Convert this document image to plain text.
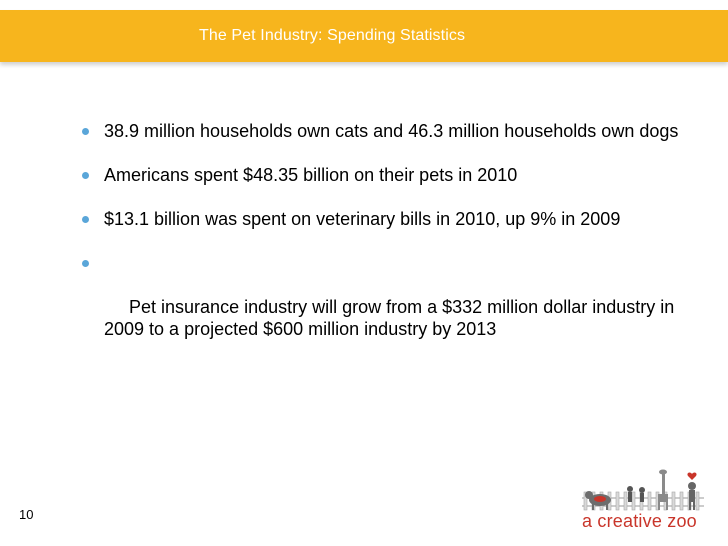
The Pet Industry: Spending Statistics
38.9 million households own cats and 46.3 million households own dogs
Americans spent $48.35 billion on their pets in 2010
$13.1 billion was spent on veterinary bills in 2010, up 9% in 2009

Pet insurance industry will grow from a $332 million dollar industry in 2009 to a projected $600 million industry by 2013

10	a creative zoo
